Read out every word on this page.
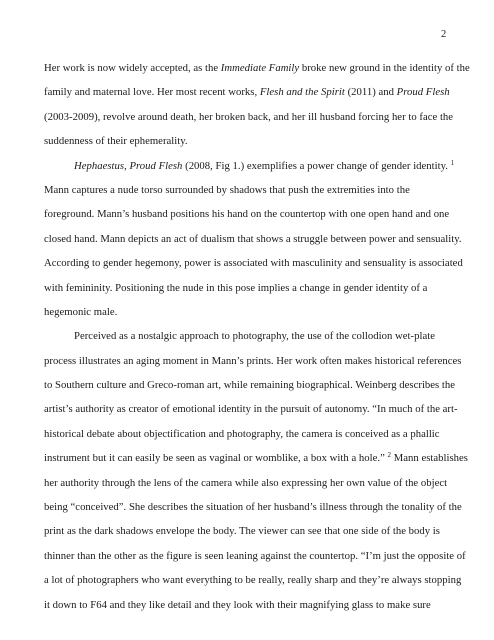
2
Her work is now widely accepted, as the Immediate Family broke new ground in the identity of the
family and maternal love. Her most recent works, Flesh and the Spirit (2011) and Proud Flesh
(2003-2009), revolve around death, her broken back, and her ill husband forcing her to face the
suddenness of their ephemerality.
Hephaestus, Proud Flesh (2008, Fig 1.) exemplifies a power change of gender identity. $^1$
Mann captures a nude torso surrounded by shadows that push the extremities into the
foreground. Mann’s husband positions his hand on the countertop with one open hand and one
closed hand. Mann depicts an act of dualism that shows a struggle between power and sensuality.
According to gender hegemony, power is associated with masculinity and sensuality is associated
with femininity. Positioning the nude in this pose implies a change in gender identity of a
hegemonic male.
Perceived as a nostalgic approach to photography, the use of the collodion wet-plate
process illustrates an aging moment in Mann’s prints. Her work often makes historical references
to Southern culture and Greco-roman art, while remaining biographical. Weinberg describes the
artist’s authority as creator of emotional identity in the pursuit of autonomy. “In much of the art-
historical debate about objectification and photography, the camera is conceived as a phallic
instrument but it can easily be seen as vaginal or womblike, a box with a hole.” $^2$ Mann establishes
her authority through the lens of the camera while also expressing her own value of the object
being “conceived”. She describes the situation of her husband’s illness through the tonality of the
print as the dark shadows envelope the body. The viewer can see that one side of the body is
thinner than the other as the figure is seen leaning against the countertop. “I’m just the opposite of
a lot of photographers who want everything to be really, really sharp and they’re always stopping
it down to F64 and they like detail and they look with their magnifying glass to make sure
